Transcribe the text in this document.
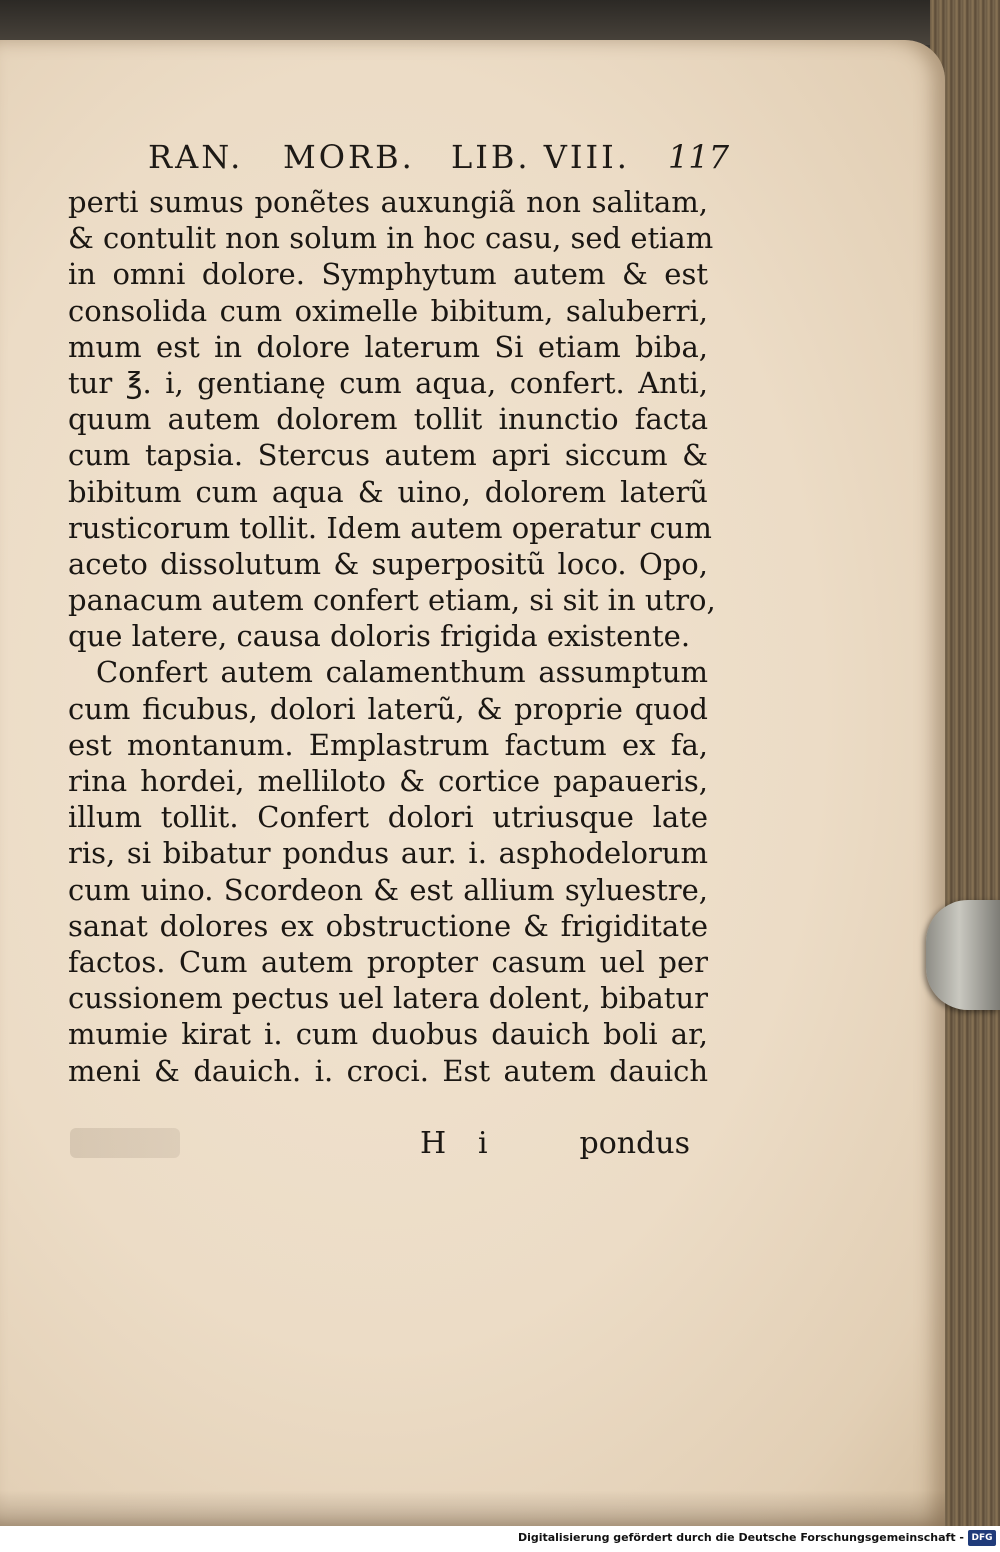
RAN. MORB. LIB. VIII. 117
perti sumus ponẽtes auxungiã non salitam,
& contulit non solum in hoc casu, sed etiam
in omni dolore. Symphytum autem & est
consolida cum oximelle bibitum, saluberri,
mum est in dolore laterum Si etiam biba,
tur ℥. i, gentianę cum aqua, confert. Anti,
quum autem dolorem tollit inunctio facta
cum tapsia. Stercus autem apri siccum &
bibitum cum aqua & uino, dolorem laterũ
rusticorum tollit. Idem autem operatur cum
aceto dissolutum & superpositũ loco. Opo,
panacum autem confert etiam, si sit in utro,
que latere, causa doloris frigida existente.
Confert autem calamenthum assumptum
cum ficubus, dolori laterũ, & proprie quod
est montanum. Emplastrum factum ex fa,
rina hordei, melliloto & cortice papaueris,
illum tollit. Confert dolori utriusque late
ris, si bibatur pondus aur. i. asphodelorum
cum uino. Scordeon & est allium syluestre,
sanat dolores ex obstructione & frigiditate
factos. Cum autem propter casum uel per
cussionem pectus uel latera dolent, bibatur
mumie kirat i. cum duobus dauich boli ar,
meni & dauich. i. croci. Est autem dauich
H i	pondus
Digitalisierung gefördert durch die Deutsche Forschungsgemeinschaft - DFG
